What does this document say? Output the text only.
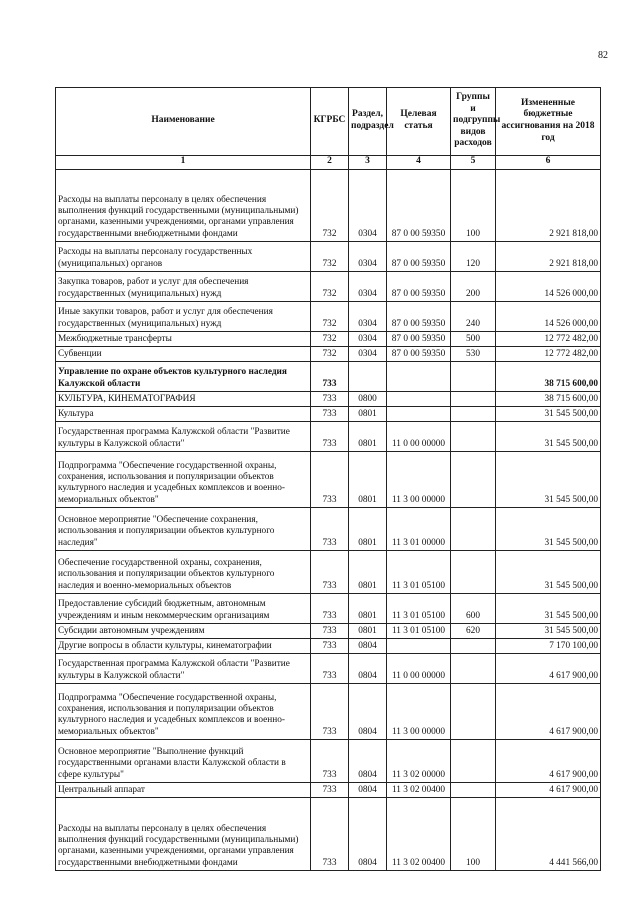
82
Наименование	КГРБС	Раздел, подраздел	Целевая статья	Группы и подгруппы видов расходов	Измененные бюджетные ассигнования на 2018 год
1	2	3	4	5	6
Расходы на выплаты персоналу в целях обеспечения выполнения функций государственными (муниципальными) органами, казенными учреждениями, органами управления государственными внебюджетными фондами	732	0304	87 0 00 59350	100	2 921 818,00
Расходы на выплаты персоналу государственных (муниципальных) органов	732	0304	87 0 00 59350	120	2 921 818,00
Закупка товаров, работ и услуг для обеспечения государственных (муниципальных) нужд	732	0304	87 0 00 59350	200	14 526 000,00
Иные закупки товаров, работ и услуг для обеспечения государственных (муниципальных) нужд	732	0304	87 0 00 59350	240	14 526 000,00
Межбюджетные трансферты	732	0304	87 0 00 59350	500	12 772 482,00
Субвенции	732	0304	87 0 00 59350	530	12 772 482,00
Управление по охране объектов культурного наследия Калужской области	733				38 715 600,00
КУЛЬТУРА, КИНЕМАТОГРАФИЯ	733	0800			38 715 600,00
Культура	733	0801			31 545 500,00
Государственная программа Калужской области "Развитие культуры в Калужской области"	733	0801	11 0 00 00000		31 545 500,00
Подпрограмма "Обеспечение государственной охраны, сохранения, использования и популяризации объектов культурного наследия и усадебных комплексов и военно-мемориальных объектов"	733	0801	11 3 00 00000		31 545 500,00
Основное мероприятие "Обеспечение сохранения, использования и популяризации объектов культурного наследия"	733	0801	11 3 01 00000		31 545 500,00
Обеспечение государственной охраны, сохранения, использования и популяризации объектов культурного наследия и военно-мемориальных объектов	733	0801	11 3 01 05100		31 545 500,00
Предоставление субсидий бюджетным, автономным учреждениям и иным некоммерческим организациям	733	0801	11 3 01 05100	600	31 545 500,00
Субсидии автономным учреждениям	733	0801	11 3 01 05100	620	31 545 500,00
Другие вопросы в области культуры, кинематографии	733	0804			7 170 100,00
Государственная программа Калужской области "Развитие культуры в Калужской области"	733	0804	11 0 00 00000		4 617 900,00
Подпрограмма "Обеспечение государственной охраны, сохранения, использования и популяризации объектов культурного наследия и усадебных комплексов и военно-мемориальных объектов"	733	0804	11 3 00 00000		4 617 900,00
Основное мероприятие "Выполнение функций государственными органами власти Калужской области в сфере культуры"	733	0804	11 3 02 00000		4 617 900,00
Центральный аппарат	733	0804	11 3 02 00400		4 617 900,00
Расходы на выплаты персоналу в целях обеспечения выполнения функций государственными (муниципальными) органами, казенными учреждениями, органами управления государственными внебюджетными фондами	733	0804	11 3 02 00400	100	4 441 566,00
